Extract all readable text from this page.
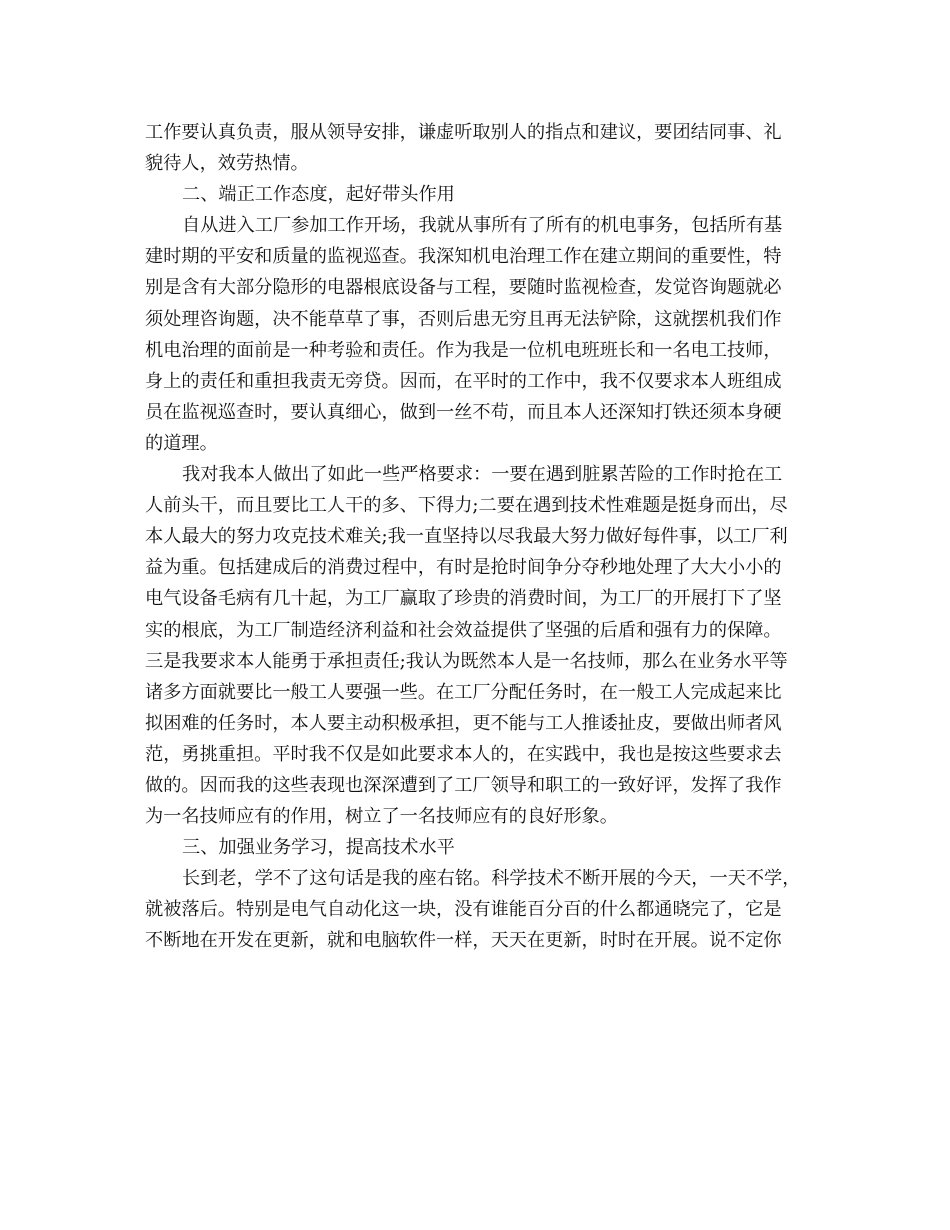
工作要认真负责，服从领导安排，谦虚听取别人的指点和建议，要团结同事、礼
貌待人，效劳热情。
二、端正工作态度，起好带头作用
自从进入工厂参加工作开场，我就从事所有了所有的机电事务，包括所有基
建时期的平安和质量的监视巡查。我深知机电治理工作在建立期间的重要性，特
别是含有大部分隐形的电器根底设备与工程，要随时监视检查，发觉咨询题就必
须处理咨询题，决不能草草了事，否则后患无穷且再无法铲除，这就摆机我们作
机电治理的面前是一种考验和责任。作为我是一位机电班班长和一名电工技师，
身上的责任和重担我责无旁贷。因而，在平时的工作中，我不仅要求本人班组成
员在监视巡查时，要认真细心，做到一丝不苟，而且本人还深知打铁还须本身硬
的道理。
我对我本人做出了如此一些严格要求：一要在遇到脏累苦险的工作时抢在工
人前头干，而且要比工人干的多、下得力;二要在遇到技术性难题是挺身而出，尽
本人最大的努力攻克技术难关;我一直坚持以尽我最大努力做好每件事，以工厂利
益为重。包括建成后的消费过程中，有时是抢时间争分夺秒地处理了大大小小的
电气设备毛病有几十起，为工厂赢取了珍贵的消费时间，为工厂的开展打下了坚
实的根底，为工厂制造经济利益和社会效益提供了坚强的后盾和强有力的保障。
三是我要求本人能勇于承担责任;我认为既然本人是一名技师，那么在业务水平等
诸多方面就要比一般工人要强一些。在工厂分配任务时，在一般工人完成起来比
拟困难的任务时，本人要主动积极承担，更不能与工人推诿扯皮，要做出师者风
范，勇挑重担。平时我不仅是如此要求本人的，在实践中，我也是按这些要求去
做的。因而我的这些表现也深深遭到了工厂领导和职工的一致好评，发挥了我作
为一名技师应有的作用，树立了一名技师应有的良好形象。
三、加强业务学习，提高技术水平
长到老，学不了这句话是我的座右铭。科学技术不断开展的今天，一天不学，
就被落后。特别是电气自动化这一块，没有谁能百分百的什么都通晓完了，它是
不断地在开发在更新，就和电脑软件一样，天天在更新，时时在开展。说不定你
